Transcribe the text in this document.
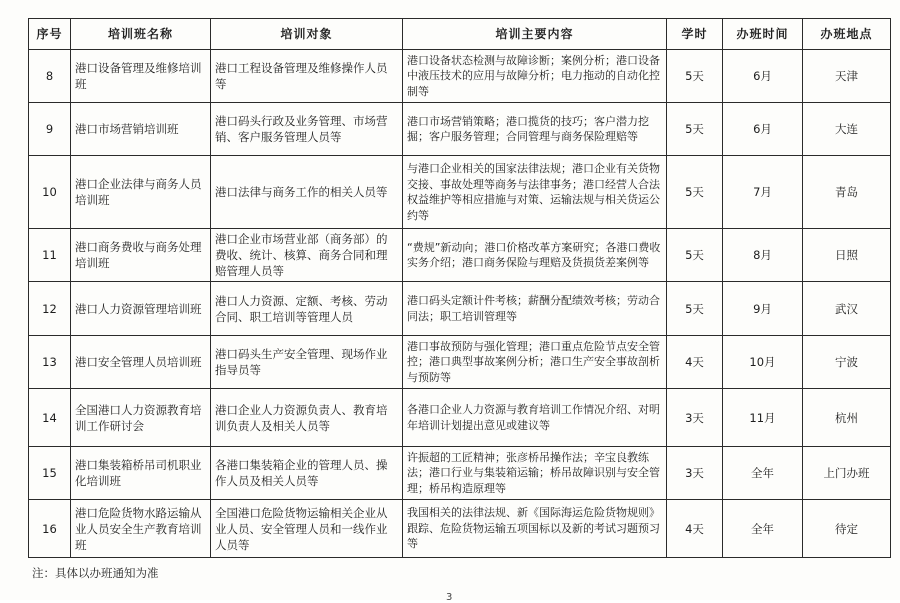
序号	培训班名称	培训对象	培训主要内容	学时	办班时间	办班地点
8	港口设备管理及维修培训班	港口工程设备管理及维修操作人员等	港口设备状态检测与故障诊断；案例分析；港口设备中液压技术的应用与故障分析；电力拖动的自动化控制等	5天	6月	天津
9	港口市场营销培训班	港口码头行政及业务管理、市场营销、客户服务管理人员等	港口市场营销策略；港口揽货的技巧；客户潜力挖掘；客户服务管理；合同管理与商务保险理赔等	5天	6月	大连
10	港口企业法律与商务人员培训班	港口法律与商务工作的相关人员等	与港口企业相关的国家法律法规；港口企业有关货物交接、事故处理等商务与法律事务；港口经营人合法权益维护等相应措施与对策、运输法规与相关货运公约等	5天	7月	青岛
11	港口商务费收与商务处理培训班	港口企业市场营业部（商务部）的费收、统计、核算、商务合同和理赔管理人员等	“费规”新动向；港口价格改革方案研究；各港口费收实务介绍；港口商务保险与理赔及货损货差案例等	5天	8月	日照
12	港口人力资源管理培训班	港口人力资源、定额、考核、劳动合同、职工培训等管理人员	港口码头定额计件考核；薪酬分配绩效考核；劳动合同法；职工培训管理等	5天	9月	武汉
13	港口安全管理人员培训班	港口码头生产安全管理、现场作业指导员等	港口事故预防与强化管理；港口重点危险节点安全管控；港口典型事故案例分析；港口生产安全事故剖析与预防等	4天	10月	宁波
14	全国港口人力资源教育培训工作研讨会	港口企业人力资源负责人、教育培训负责人及相关人员等	各港口企业人力资源与教育培训工作情况介绍、对明年培训计划提出意见或建议等	3天	11月	杭州
15	港口集装箱桥吊司机职业化培训班	各港口集装箱企业的管理人员、操作人员及相关人员等	许振超的工匠精神；张彦桥吊操作法；辛宝良教练法；港口行业与集装箱运输；桥吊故障识别与安全管理；桥吊构造原理等	3天	全年	上门办班
16	港口危险货物水路运输从业人员安全生产教育培训班	全国港口危险货物运输相关企业从业人员、安全管理人员和一线作业人员等	我国相关的法律法规、新《国际海运危险货物规则》跟踪、危险货物运输五项国标以及新的考试习题预习等	4天	全年	待定
注：具体以办班通知为准
3
